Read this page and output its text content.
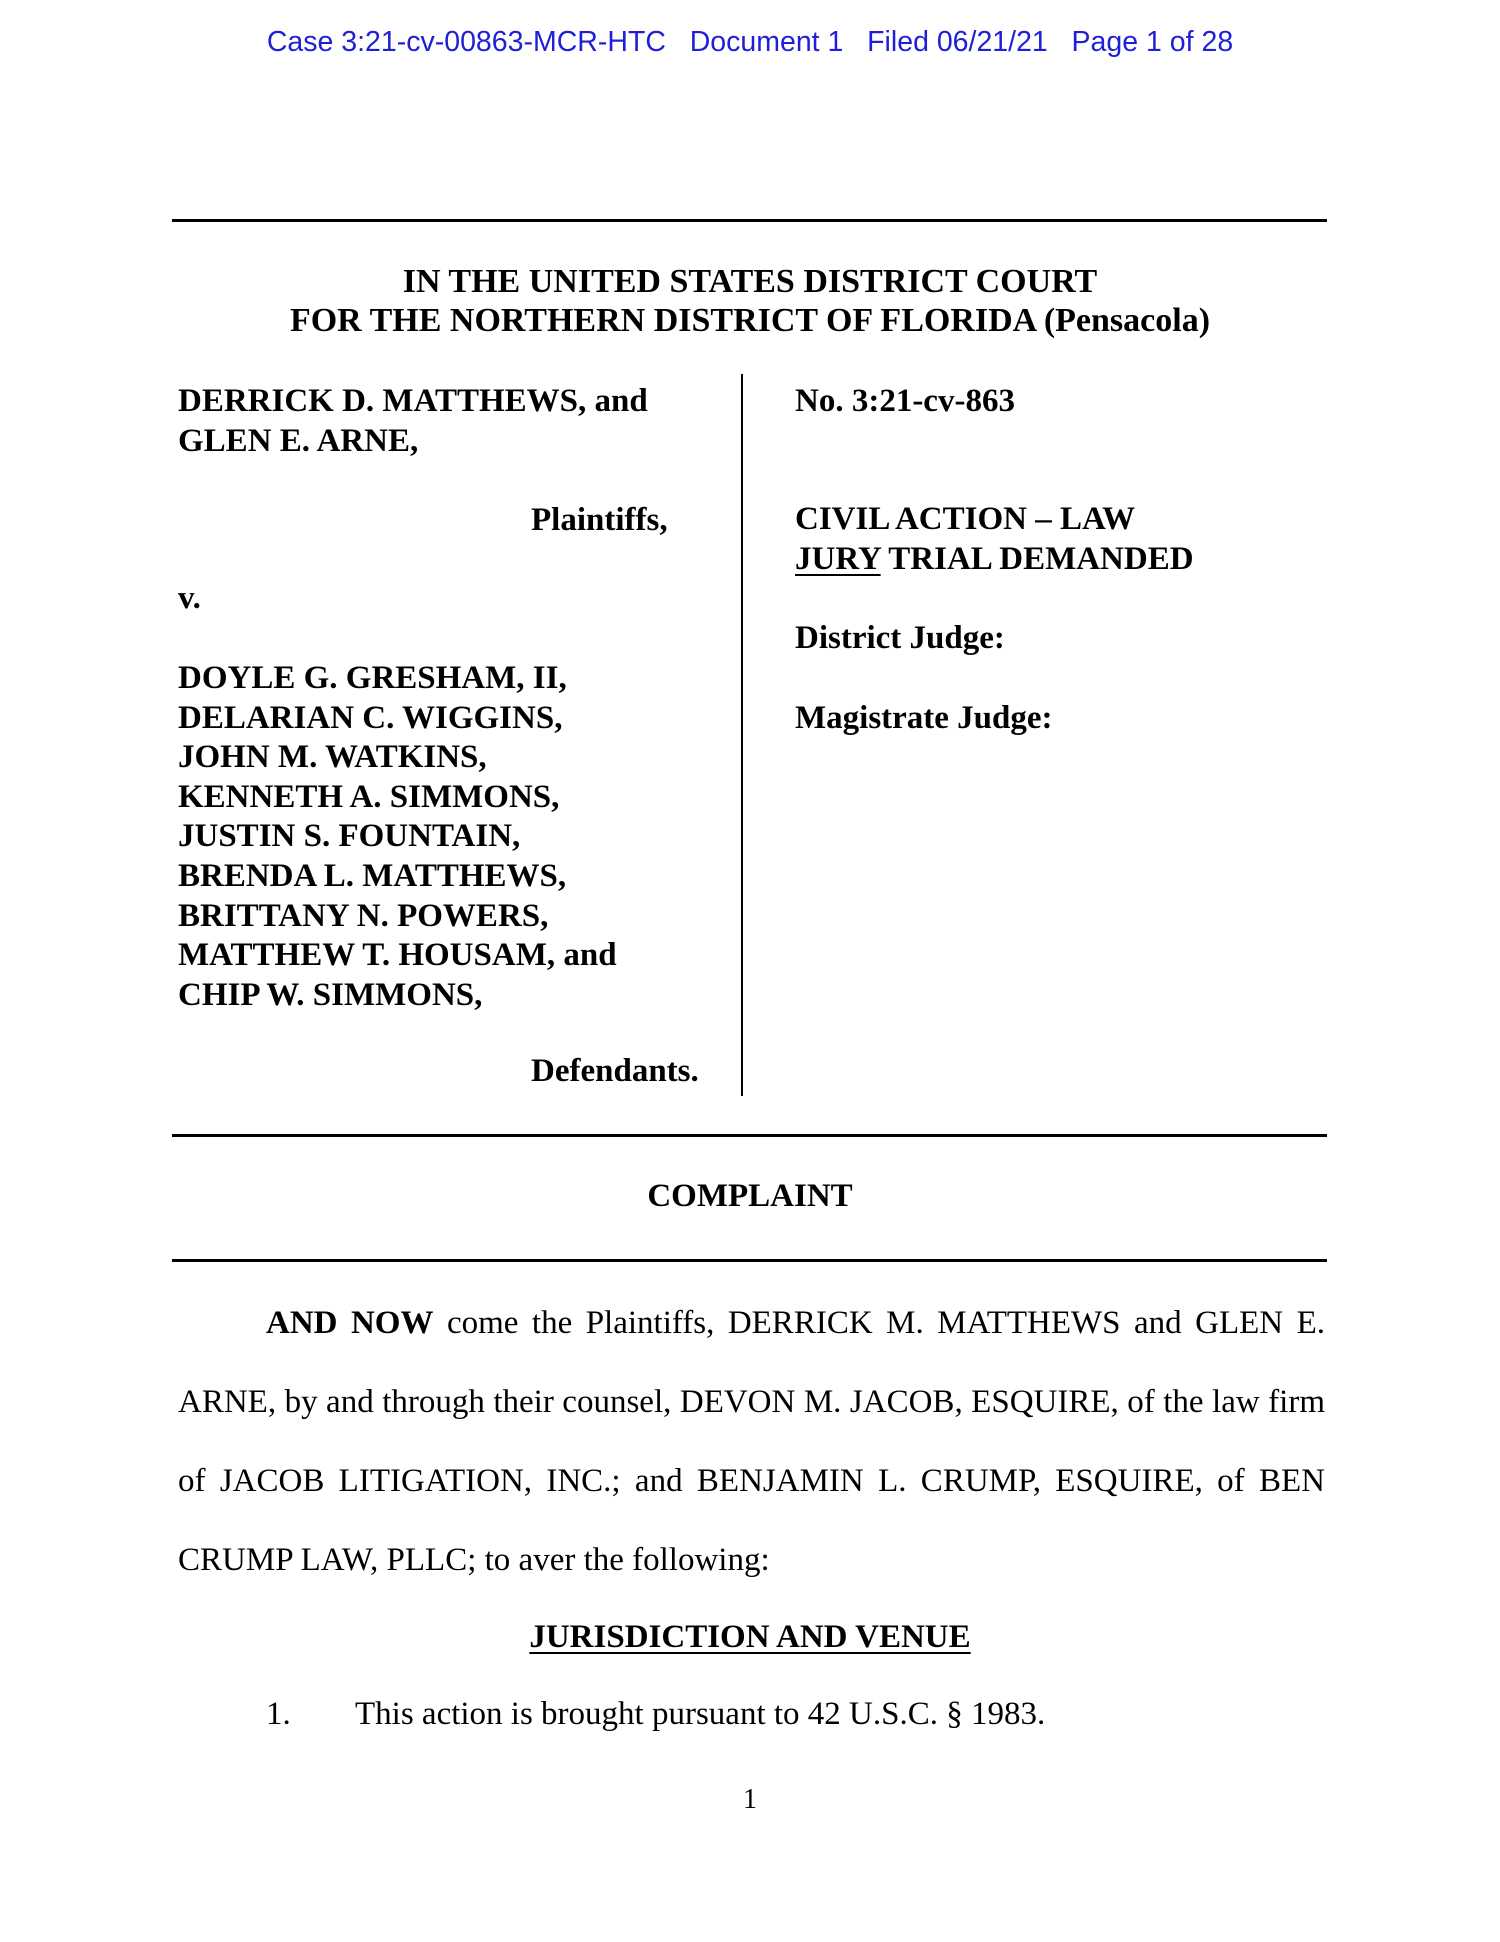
Case 3:21-cv-00863-MCR-HTC Document 1 Filed 06/21/21 Page 1 of 28
IN THE UNITED STATES DISTRICT COURT
FOR THE NORTHERN DISTRICT OF FLORIDA (Pensacola)
DERRICK D. MATTHEWS, and
GLEN E. ARNE,
Plaintiffs,
v.
DOYLE G. GRESHAM, II,
DELARIAN C. WIGGINS,
JOHN M. WATKINS,
KENNETH A. SIMMONS,
JUSTIN S. FOUNTAIN,
BRENDA L. MATTHEWS,
BRITTANY N. POWERS,
MATTHEW T. HOUSAM, and
CHIP W. SIMMONS,
Defendants.
No. 3:21-cv-863
CIVIL ACTION – LAW
JURY TRIAL DEMANDED
District Judge:
Magistrate Judge:
COMPLAINT

AND NOW come the Plaintiffs, DERRICK M. MATTHEWS and GLEN E. ARNE, by and through their counsel, DEVON M. JACOB, ESQUIRE, of the law firm of JACOB LITIGATION, INC.; and BENJAMIN L. CRUMP, ESQUIRE, of BEN CRUMP LAW, PLLC; to aver the following:

JURISDICTION AND VENUE
1. This action is brought pursuant to 42 U.S.C. § 1983.
1
